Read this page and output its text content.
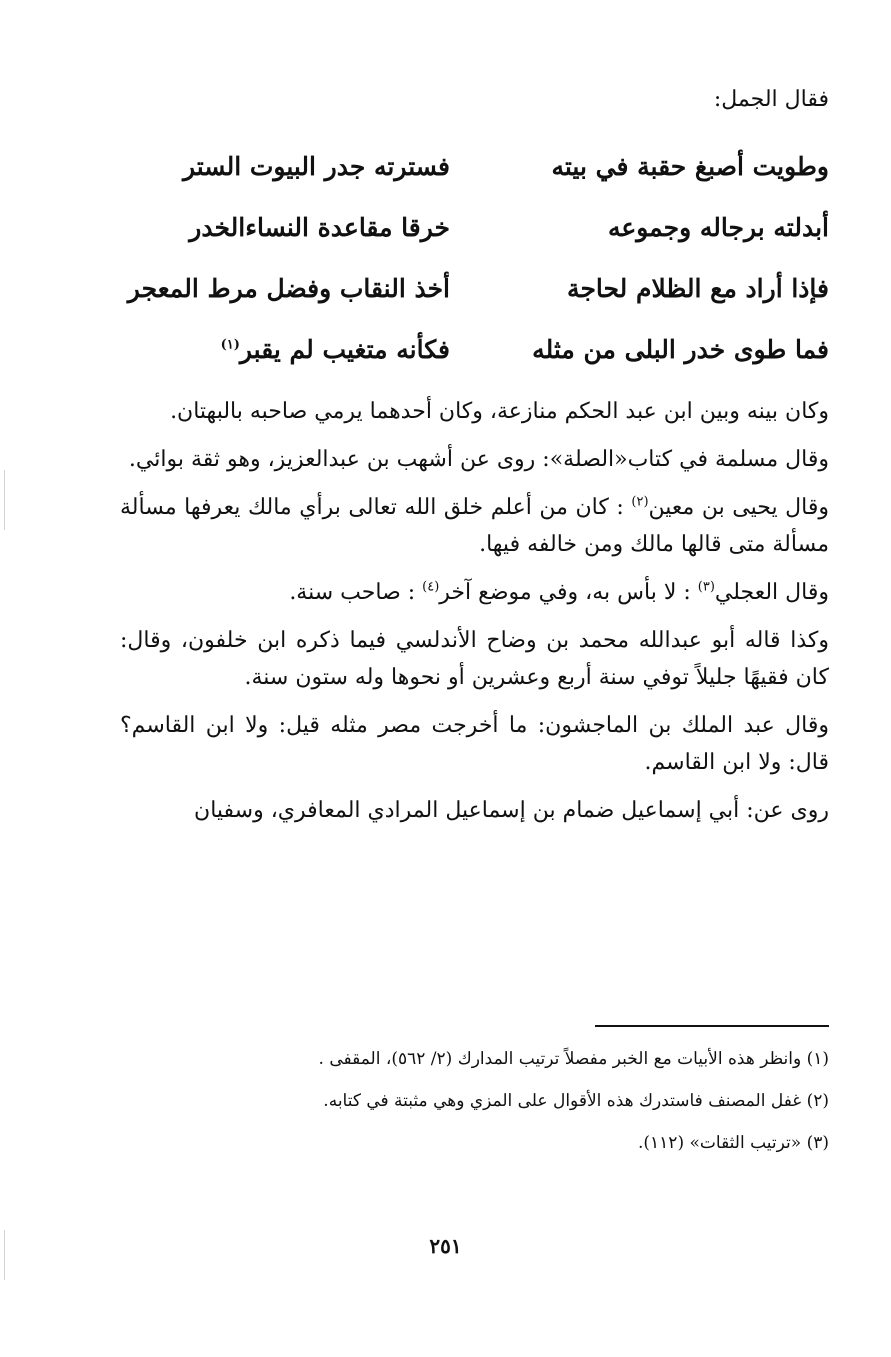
فقال الجمل:
وطويت أصبغ حقبة في بيته
فسترته جدر البيوت الستر
أبدلته برجاله وجموعه
خرقا مقاعدة النساءالخدر
فإذا أراد مع الظلام لحاجة
أخذ النقاب وفضل مرط المعجر
فما طوى خدر البلى من مثله
فكأنه متغيب لم يقبر$^{(١)}$

وكان بينه وبين ابن عبد الحكم منازعة، وكان أحدهما يرمي صاحبه بالبهتان.

وقال مسلمة في كتاب«الصلة»: روى عن أشهب بن عبدالعزيز، وهو ثقة بوائي.

وقال يحيى بن معين$^{(٢)}$ : كان من أعلم خلق الله تعالى برأي مالك يعرفها مسألة مسألة متى قالها مالك ومن خالفه فيها.

وقال العجلي$^{(٣)}$ : لا بأس به، وفي موضع آخر$^{(٤)}$ : صاحب سنة.

وكذا قاله أبو عبدالله محمد بن وضاح الأندلسي فيما ذكره ابن خلفون، وقال: كان فقيهًا جليلاً توفي سنة أربع وعشرين أو نحوها وله ستون سنة.

وقال عبد الملك بن الماجشون: ما أخرجت مصر مثله قيل: ولا ابن القاسم؟ قال: ولا ابن القاسم.

روى عن: أبي إسماعيل ضمام بن إسماعيل المرادي المعافري، وسفيان

(١) وانظر هذه الأبيات مع الخبر مفصلاً ترتيب المدارك (٢/ ٥٦٢)، المقفى .

(٢) غفل المصنف فاستدرك هذه الأقوال على المزي وهي مثبتة في كتابه.

(٣) «ترتيب الثقات» (١١٢).

٢٥١
